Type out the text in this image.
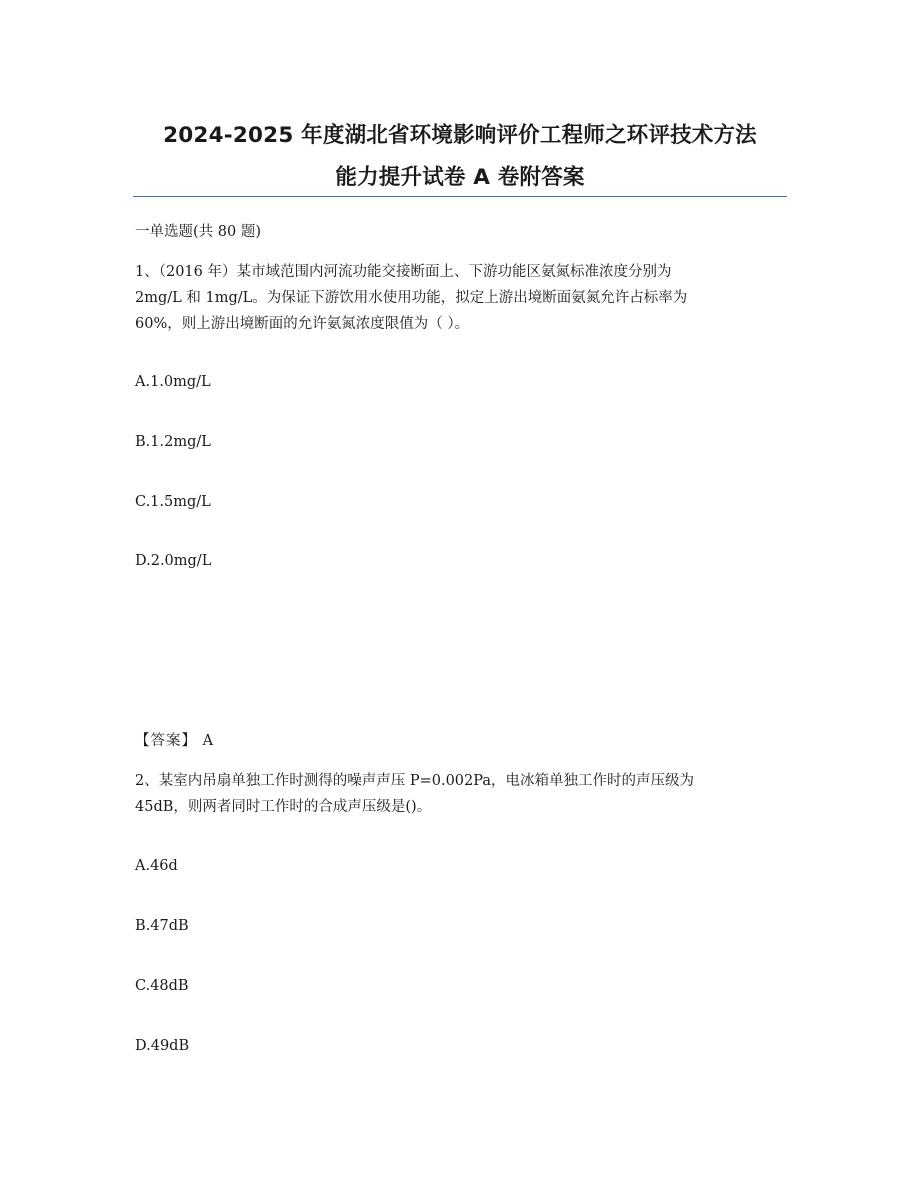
2024-2025 年度湖北省环境影响评价工程师之环评技术方法
能力提升试卷 A 卷附答案
一单选题(共 80 题)
1、（2016 年）某市域范围内河流功能交接断面上、下游功能区氨氮标准浓度分别为
2mg/L 和 1mg/L。为保证下游饮用水使用功能，拟定上游出境断面氨氮允许占标率为
60%，则上游出境断面的允许氨氮浓度限值为（ ）。
A.1.0mg/L
B.1.2mg/L
C.1.5mg/L
D.2.0mg/L
【答案】 A
2、某室内吊扇单独工作时测得的噪声声压 P=0.002Pa，电冰箱单独工作时的声压级为
45dB，则两者同时工作时的合成声压级是()。
A.46d
B.47dB
C.48dB
D.49dB
